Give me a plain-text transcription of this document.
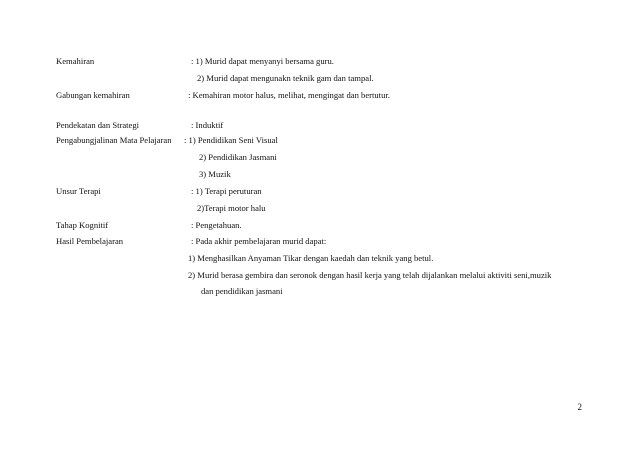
Kemahiran	: 1) Murid dapat menyanyi bersama guru.
2) Murid dapat mengunakn teknik gam dan tampal.
Gabungan kemahiran	: Kemahiran motor halus, melihat, mengingat dan bertutur.
Pendekatan dan Strategi	: Induktif
Pengabungjalinan Mata Pelajaran : 1) Pendidikan Seni Visual
2) Pendidikan Jasmani
3) Muzik
Unsur Terapi	: 1) Terapi peruturan
2)Terapi motor halu
Tahap Kognitif	: Pengetahuan.
Hasil Pembelajaran	: Pada akhir pembelajaran murid dapat:
1) Menghasilkan Anyaman Tikar dengan kaedah dan teknik yang betul.
2) Murid berasa gembira dan seronok dengan hasil kerja yang telah dijalankan melalui aktiviti seni,muzik
dan pendidikan jasmani
2
